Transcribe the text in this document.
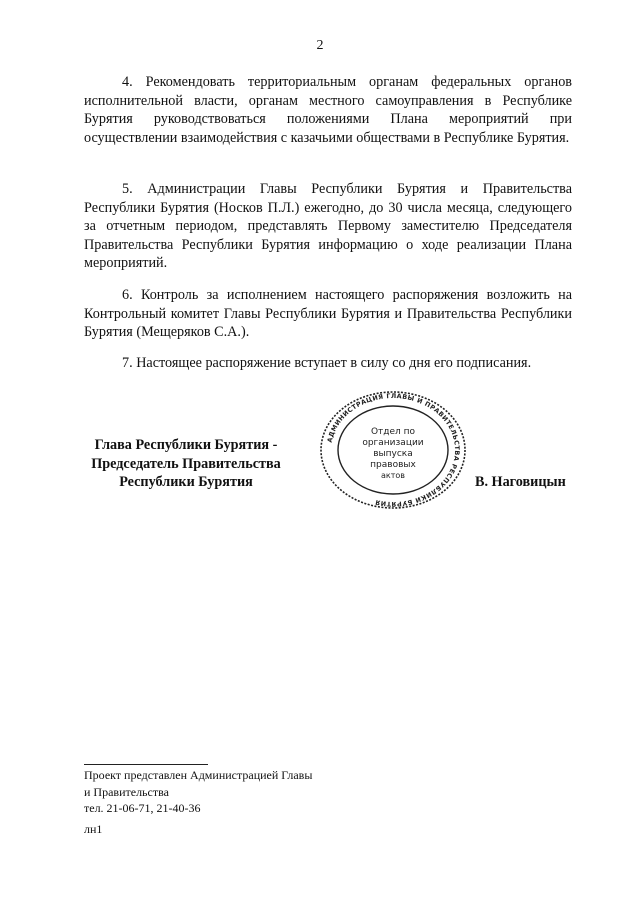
2

4. Рекомендовать территориальным органам федеральных органов исполнительной власти, органам местного самоуправления в Республике Бурятия руководствоваться положениями Плана мероприятий при осуществлении взаимодействия с казачьими обществами в Республике Бурятия.

5. Администрации Главы Республики Бурятия и Правительства Республики Бурятия (Носков П.Л.) ежегодно, до 30 числа месяца, следующего за отчетным периодом, представлять Первому заместителю Председателя Правительства Республики Бурятия информацию о ходе реализации Плана мероприятий.

6. Контроль за исполнением настоящего распоряжения возложить на Контрольный комитет Главы Республики Бурятия и Правительства Республики Бурятия (Мещеряков С.А.).

7. Настоящее распоряжение вступает в силу со дня его подписания.

Глава Республики Бурятия -
Председатель Правительства
Республики Бурятия
АДМИНИСТРАЦИЯ ГЛАВЫ И ПРАВИТЕЛЬСТВА РЕСПУБЛИКИ БУРЯТИЯ
Отдел по
организации
выпуска
правовых
актов	В. Наговицын
Проект представлен Администрацией Главы
и Правительства
тел. 21-06-71, 21-40-36
лн1
